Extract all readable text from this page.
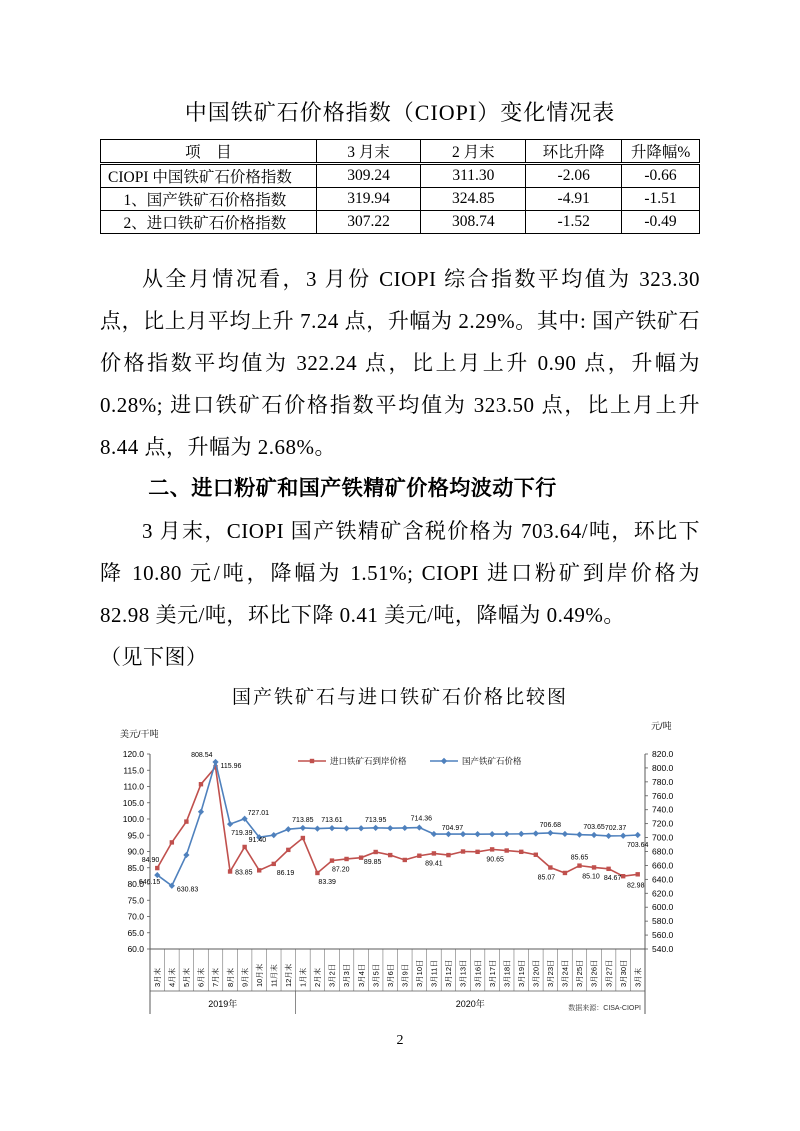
中国铁矿石价格指数（CIOPI）变化情况表
项　目	3 月末	2 月末	环比升降	升降幅%
CIOPI 中国铁矿石价格指数	309.24	311.30	-2.06	-0.66
　1、国产铁矿石价格指数	319.94	324.85	-4.91	-1.51
　2、进口铁矿石价格指数	307.22	308.74	-1.52	-0.49

从全月情况看，3 月份 CIOPI 综合指数平均值为 323.30 点，比上月平均上升 7.24 点，升幅为 2.29%。其中: 国产铁矿石价格指数平均值为 322.24 点，比上月上升 0.90 点，升幅为 0.28%; 进口铁矿石价格指数平均值为 323.50 点，比上月上升 8.44 点，升幅为 2.68%。

二、进口粉矿和国产铁精矿价格均波动下行

3 月末，CIOPI 国产铁精矿含税价格为 703.64/吨，环比下降 10.80 元/吨，降幅为 1.51%; CIOPI 进口粉矿到岸价格为 82.98 美元/吨，环比下降 0.41 美元/吨，降幅为 0.49%。

（见下图）

国产铁矿石与进口铁矿石价格比较图
120.0
115.0
110.0
105.0
100.0
95.0
90.0
85.0
80.0
75.0
70.0
65.0
60.0
820.0
800.0
780.0
760.0
740.0
720.0
700.0
680.0
660.0
640.0
620.0
600.0
580.0
560.0
540.0
美元/干吨
元/吨
3月末 4月末 5月末 6月末 7月末 8月末 9月末 10月末 11月末 12月末 1月末 2月末 3月2日 3月3日 3月4日 3月5日 3月6日 3月9日 3月10日 3月11日 3月12日 3月13日 3月16日 3月17日 3月18日 3月19日 3月20日 3月23日 3月24日 3月25日 3月26日 3月27日 3月30日 3月末
2019年	2020年
进口铁矿石到岸价格	国产铁矿石价格
84.90
115.96
83.85
91.40
86.19
83.39
87.20
89.85	89.41
90.65
85.07
85.65
85.10 84.67
82.98
646.15
630.83
808.54
719.39
727.01
713.85 713.61	713.95	714.36
704.97	706.68	703.65 702.37
703.64
数据来源：CISA-CIOPI
2
